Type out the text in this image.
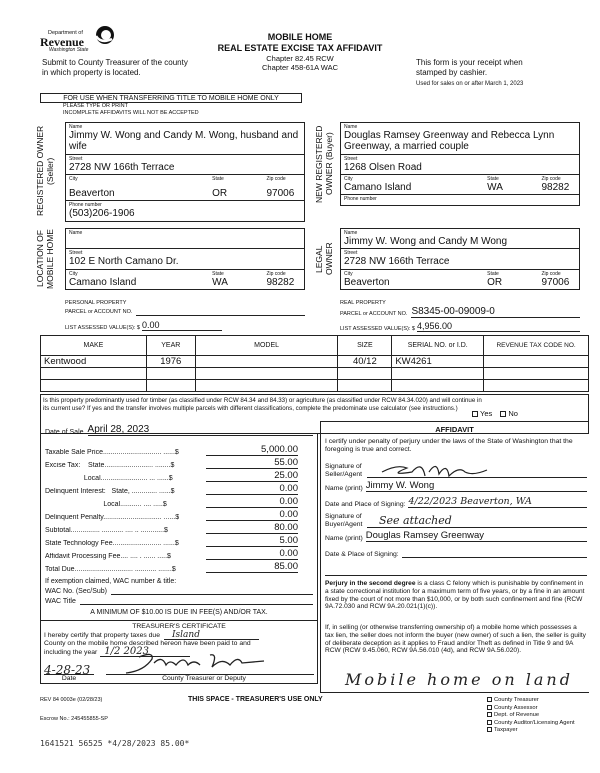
Department of
Revenue
Washington State
Submit to County Treasurer of the county in which property is located.
MOBILE HOME
REAL ESTATE EXCISE TAX AFFIDAVIT
Chapter 82.45 RCW
Chapter 458-61A WAC
This form is your receipt when stamped by cashier.
Used for sales on or after March 1, 2023
FOR USE WHEN TRANSFERRING TITLE TO MOBILE HOME ONLY
PLEASE TYPE OR PRINT
INCOMPLETE AFFIDAVITS WILL NOT BE ACCEPTED
REGISTERED OWNER (Seller)
Name
Jimmy W. Wong and Candy M. Wong, husband and wife
Street
2728 NW 166th Terrace
City
Beaverton
State
OR
Zip code
97006
Phone number
(503)206-1906
NEW REGISTERED OWNER (Buyer)
Name
Douglas Ramsey Greenway and Rebecca Lynn Greenway, a married couple
Street
1268 Olsen Road
City
Camano Island
State
WA
Zip code
98282
Phone number
LOCATION OF MOBILE HOME	Name
Street
102 E North Camano Dr.
City
Camano Island
State
WA
Zip code
98282
LEGAL OWNER
Name
Jimmy W. Wong and Candy M Wong
Street
2728 NW 166th Terrace
City
Beaverton
State
OR
Zip code
97006
PERSONAL PROPERTY
PARCEL or ACCOUNT NO.
LIST ASSESSED VALUE(S): $ 0.00
REAL PROPERTY
PARCEL or ACCOUNT NO. S8345-00-09009-0
LIST ASSESSED VALUE(S): $ 4,956.00
MAKE	YEAR	MODEL	SIZE	SERIAL NO. or I.D.	REVENUE TAX CODE NO.
Kentwood	1976		40/12	KW4261	

Is this property predominantly used for timber (as classified under RCW 84.34 and 84.33) or agriculture (as classified under RCW 84.34.020) and will continue in its current use? If yes and the transfer involves multiple parcels with different classifications, complete the predominate use calculator (see instructions.)
Yes No
Date of Sale April 28, 2023
Taxable Sale Price.............................. ......$	5,000.00
Excise Tax:    State......................... ........$	55.00
Local........................ ... ......$	25.00
Delinquent Interest:   State, ............. ......$	0.00
Local........... .... .....$	0.00
Delinquent Penalty.............................. ......$	0.00
Subtotal............... ........... .... .. ............$	80.00
State Technology Fee......................... ......$	5.00
Affidavit Processing Fee.... .... . ...... .....$	0.00
Total Due.............................. ........... .......$	85.00
If exemption claimed, WAC number & title:
WAC No. (Sec/Sub)
WAC Title
A MINIMUM OF $10.00 IS DUE IN FEE(S) AND/OR TAX.
TREASURER'S CERTIFICATE
I hereby certify that property taxes due	Island
County on the mobile home described hereon have been paid to and
including the year 1/2 2023
4-28-23
Date	County Treasurer or Deputy
AFFIDAVIT
I certify under penalty of perjury under the laws of the State of Washington that the foregoing is true and correct.
Signature of Seller/Agent
Name (print) Jimmy W. Wong
Date and Place of Signing: 4/22/2023 Beaverton, WA
Signature of Buyer/Agent	See attached
Name (print) Douglas Ramsey Greenway
Date & Place of Signing:
Perjury in the second degree is a class C felony which is punishable by confinement in a state correctional institution for a maximum term of five years, or by a fine in an amount fixed by the court of not more than $10,000, or by both such confinement and fine (RCW 9A.72.030 and RCW 9A.20.021(1)(c)).
If, in selling (or otherwise transferring ownership of) a mobile home which possesses a tax lien, the seller does not inform the buyer (new owner) of such a lien, the seller is guilty of deliberate deception as it applies to Fraud and/or Theft as defined in Title 9 and 9A RCW (RCW 9.45.060, RCW 9A.56.010 (4d), and RCW 9A.56.020).
Mobile home on land
REV 84 0003e (02/28/23)	THIS SPACE - TREASURER'S USE ONLY
Escrow No.: 245455855-SP
1641521 56525 *4/28/2023 85.00*
County Treasurer
County Assessor
Dept. of Revenue
County Auditor/Licensing Agent
Taxpayer
